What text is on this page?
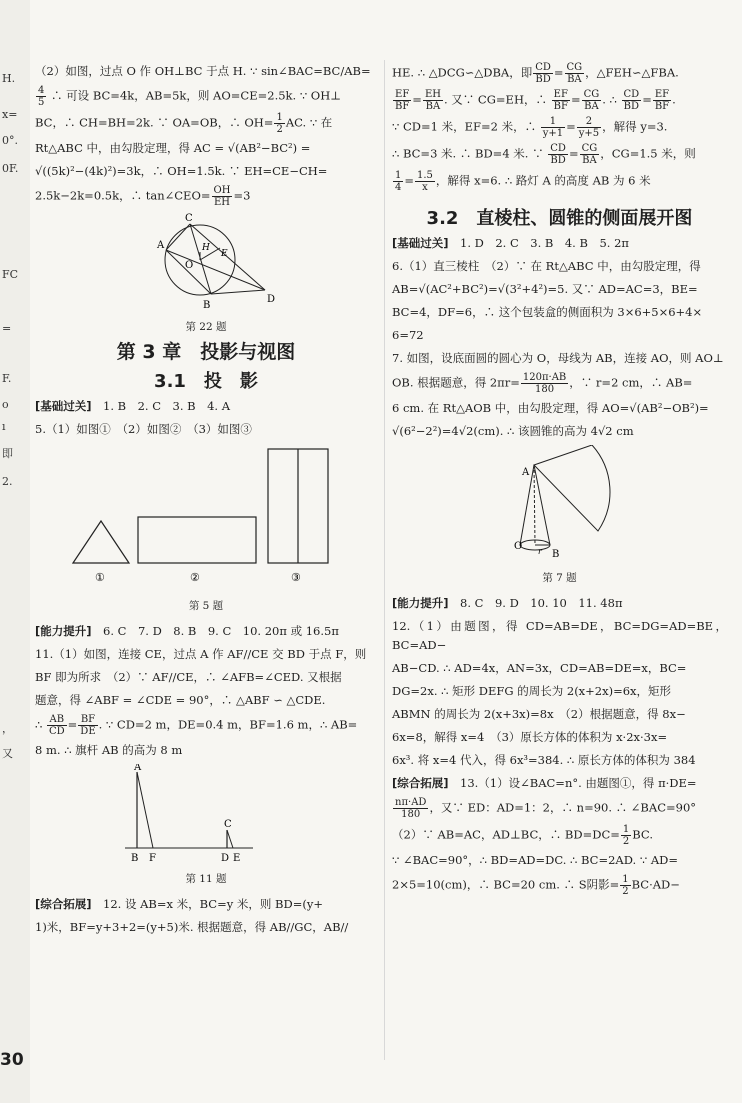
H.
x=
0°.
0F.
FC
=
F.
ο
ı
即
2.
，
又

（2）如图，过点 O 作 OH⊥BC 于点 H. ∵ sin∠BAC=BC/AB=

$\frac{4}{5}$ ∴ 可设 BC=4k，AB=5k，则 AO=CE=2.5k. ∵ OH⊥

BC，∴ CH=BH=2k. ∵ OA=OB，∴ $OH= \frac{1}{2}$ AC. ∵ 在

Rt△ABC 中，由勾股定理，得 AC = √(AB²−BC²) =

√((5k)²−(4k)²)=3k，∴ OH=1.5k. ∵ EH=CE−CH=

2.5k−2k=0.5k，∴ tan∠CEO= $\frac{OH}{EH} =3$

A
C
H
E
O
B
D

第 22 题

第 3 章　投影与视图
3.1　投　影

[基础过关]　 1. B　2. C　3. B　4. A

5.（1）如图①　（2）如图②　（3）如图③

①	②	③

第 5 题

[能力提升]　 6. C　7. D　8. B　9. C　10. 20π 或 16.5π

11.（1）如图，连接 CE，过点 A 作 AF//CE 交 BD 于点 F，则

BF 即为所求　（2）∵ AF//CE，∴ ∠AFB=∠CED. 又根据

题意，得 ∠ABF = ∠CDE = 90°，∴ △ABF ∽ △CDE.

∴ $\frac{AB}{CD} = \frac{BF}{DE}$ . ∵ CD=2 m，DE=0.4 m，BF=1.6 m，∴ AB=

8 m. ∴ 旗杆 AB 的高为 8 m

A
B F
C
D E

第 11 题

[综合拓展]　 12. 设 AB=x 米，BC=y 米，则 BD=(y+

1)米，BF=y+3+2=(y+5)米. 根据题意，得 AB//GC，AB//

HE. ∴ △DCG∽△DBA，即 $\frac{CD}{BD} = \frac{CG}{BA}$ ，△FEH∽△FBA.

$\frac{EF}{BF} = \frac{EH}{BA}$ . 又∵ CG=EH，∴ $\frac{EF}{BF} = \frac{CG}{BA}$ . ∴ $\frac{CD}{BD} = \frac{EF}{BF}$ .

∵ CD=1 米，EF=2 米，∴ $\frac{1}{y+1} = \frac{2}{y+5}$ ，解得 y=3.

∴ BC=3 米. ∴ BD=4 米. ∵ $\frac{CD}{BD} = \frac{CG}{BA}$ ，CG=1.5 米，则

$\frac{1}{4} = \frac{1.5}{x}$ ，解得 x=6. ∴ 路灯 A 的高度 AB 为 6 米

3.2　直棱柱、圆锥的侧面展开图

[基础过关]　 1. D　2. C　3. B　4. B　5. 2π

6.（1）直三棱柱　（2）∵ 在 Rt△ABC 中，由勾股定理，得

AB=√(AC²+BC²)=√(3²+4²)=5. 又∵ AD=AC=3，BE=

BC=4，DF=6，∴ 这个包装盒的侧面积为 3×6+5×6+4×

6=72

7. 如图，设底面圆的圆心为 O，母线为 AB，连接 AO，则 AO⊥

OB. 根据题意，得 $2\pi r= \frac{120\pi\cdot AB}{180}$ ，∵ r=2 cm，∴ AB=

6 cm. 在 Rt△AOB 中，由勾股定理，得 AO=√(AB²−OB²)=

√(6²−2²)=4√2(cm). ∴ 该圆锥的高为 4√2 cm

A
O r B

第 7 题

[能力提升]　 8. C　9. D　10. 10　11. 48π

12.（1）由题图，得 CD=AB=DE，BC=DG=AD=BE，BC=AD−

AB−CD. ∴ AD=4x，AN=3x，CD=AB=DE=x，BC=

DG=2x. ∴ 矩形 DEFG 的周长为 2(x+2x)=6x，矩形

ABMN 的周长为 2(x+3x)=8x　（2）根据题意，得 8x−

6x=8，解得 x=4　（3）原长方体的体积为 x·2x·3x=

6x³. 将 x=4 代入，得 6x³=384. ∴ 原长方体的体积为 384

[综合拓展]　 13.（1）设∠BAC=n°. 由题图①，得 π·DE=

$\frac{n\pi\cdot AD}{180}$ ，又∵ ED：AD=1：2，∴ n=90. ∴ ∠BAC=90°

（2）∵ AB=AC，AD⊥BC，∴ $BD=DC= \frac{1}{2}$ BC.

∵ ∠BAC=90°，∴ BD=AD=DC. ∴ BC=2AD. ∵ AD=

2×5=10(cm)，∴ BC=20 cm. ∴ S阴影= $\frac{1}{2} BC\cdot AD-$

30
